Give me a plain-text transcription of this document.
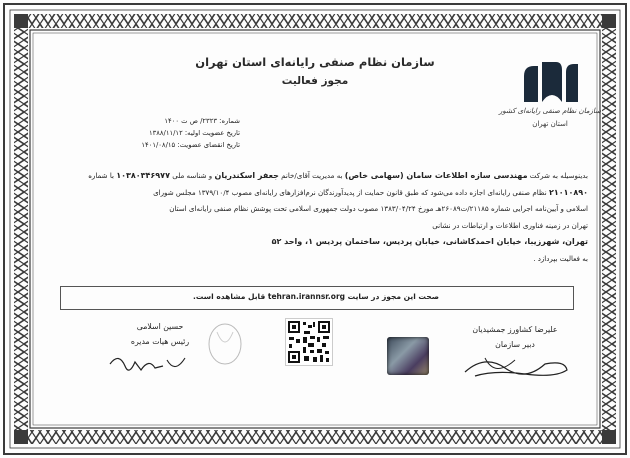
سازمان نظام صنفی رایانه‌ای استان تهران
مجوز فعالیت
سازمان نظام صنفی رایانه‌ای کشور
استان تهران
شماره: ۲۳۲۳/ ص ت ۱۴۰۰
تاریخ عضویت اولیه: ۱۳۸۸/۱۱/۱۲
تاریخ انقضای عضویت: ۱۴۰۱/۰۸/۱۵
بدینوسیله به شرکت مهندسی سازه اطلاعات سامان (سهامی خاص) به مدیریت آقای/خانم جعفر اسکندریان و شناسه ملی ۱۰۳۸۰۳۴۶۹۷۷ با شماره
۲۱۰۱۰۸۹۰ نظام صنفی رایانه‌ای اجازه داده می‌شود که طبق قانون حمایت از پدیدآورندگان نرم‌افزارهای رایانه‌ای مصوب ۱۳۷۹/۱۰/۴ مجلس شورای
اسلامی و آیین‌نامه اجرایی شماره ۲۱۱۸۵/ت۲۶۰۸۹هـ مورخ ۱۳۸۳/۰۴/۲۴ مصوب دولت جمهوری اسلامی تحت پوشش نظام صنفی رایانه‌ای استان
تهران در زمینه فناوری اطلاعات و ارتباطات در نشانی
تهران، شهرزیبا، خیابان احمدکاشانی، خیابان پردیس، ساختمان پردیس ۱، واحد ۵۲
به فعالیت بپردازد .
صحت این مجوز در سایت tehran.irannsr.org قابل مشاهده است.
علیرضا کشاورز جمشیدیان
دبیر سازمان
حسین اسلامی
رئیس هیات مدیره
